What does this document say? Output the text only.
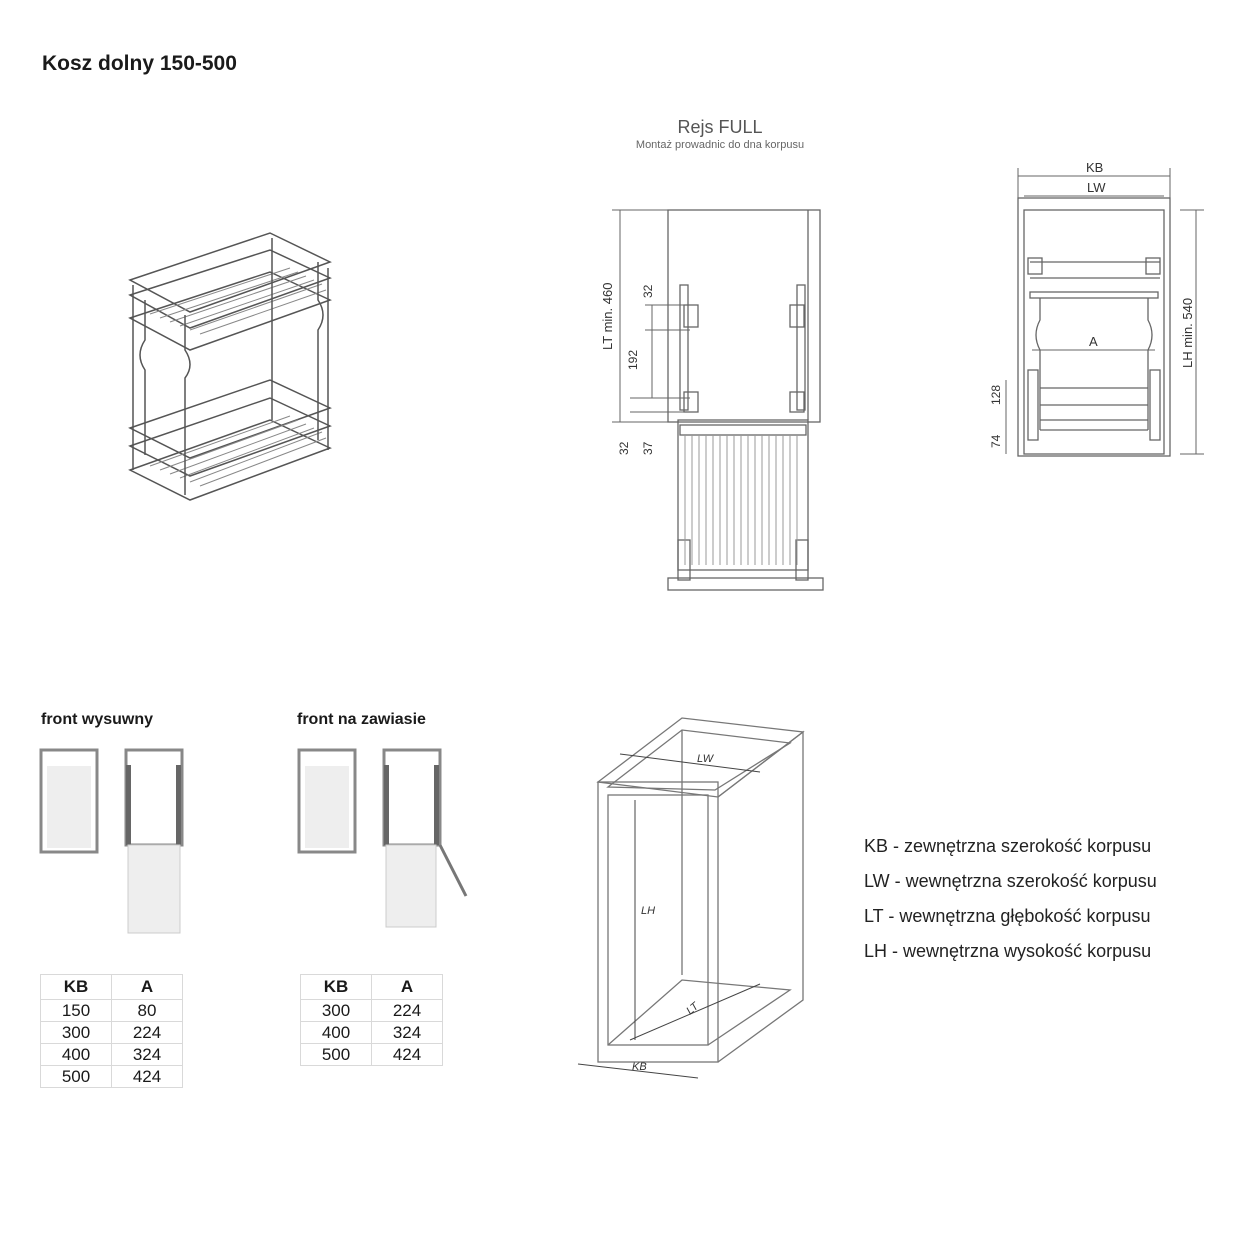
Kosz dolny 150-500
Rejs FULL
Montaż prowadnic do dna korpusu
LT min. 460 32
192
32 37
KB
LW
A	LH min. 540
128
74
front wysuwny	front na zawiasie
KB	A
150	80
300	224
400	324
500	424
KB	A
300	224
400	324
500	424
LW
LH
LT
KB
KB - zewnętrzna szerokość korpusu
LW - wewnętrzna szerokość korpusu
LT - wewnętrzna głębokość korpusu
LH - wewnętrzna wysokość korpusu
